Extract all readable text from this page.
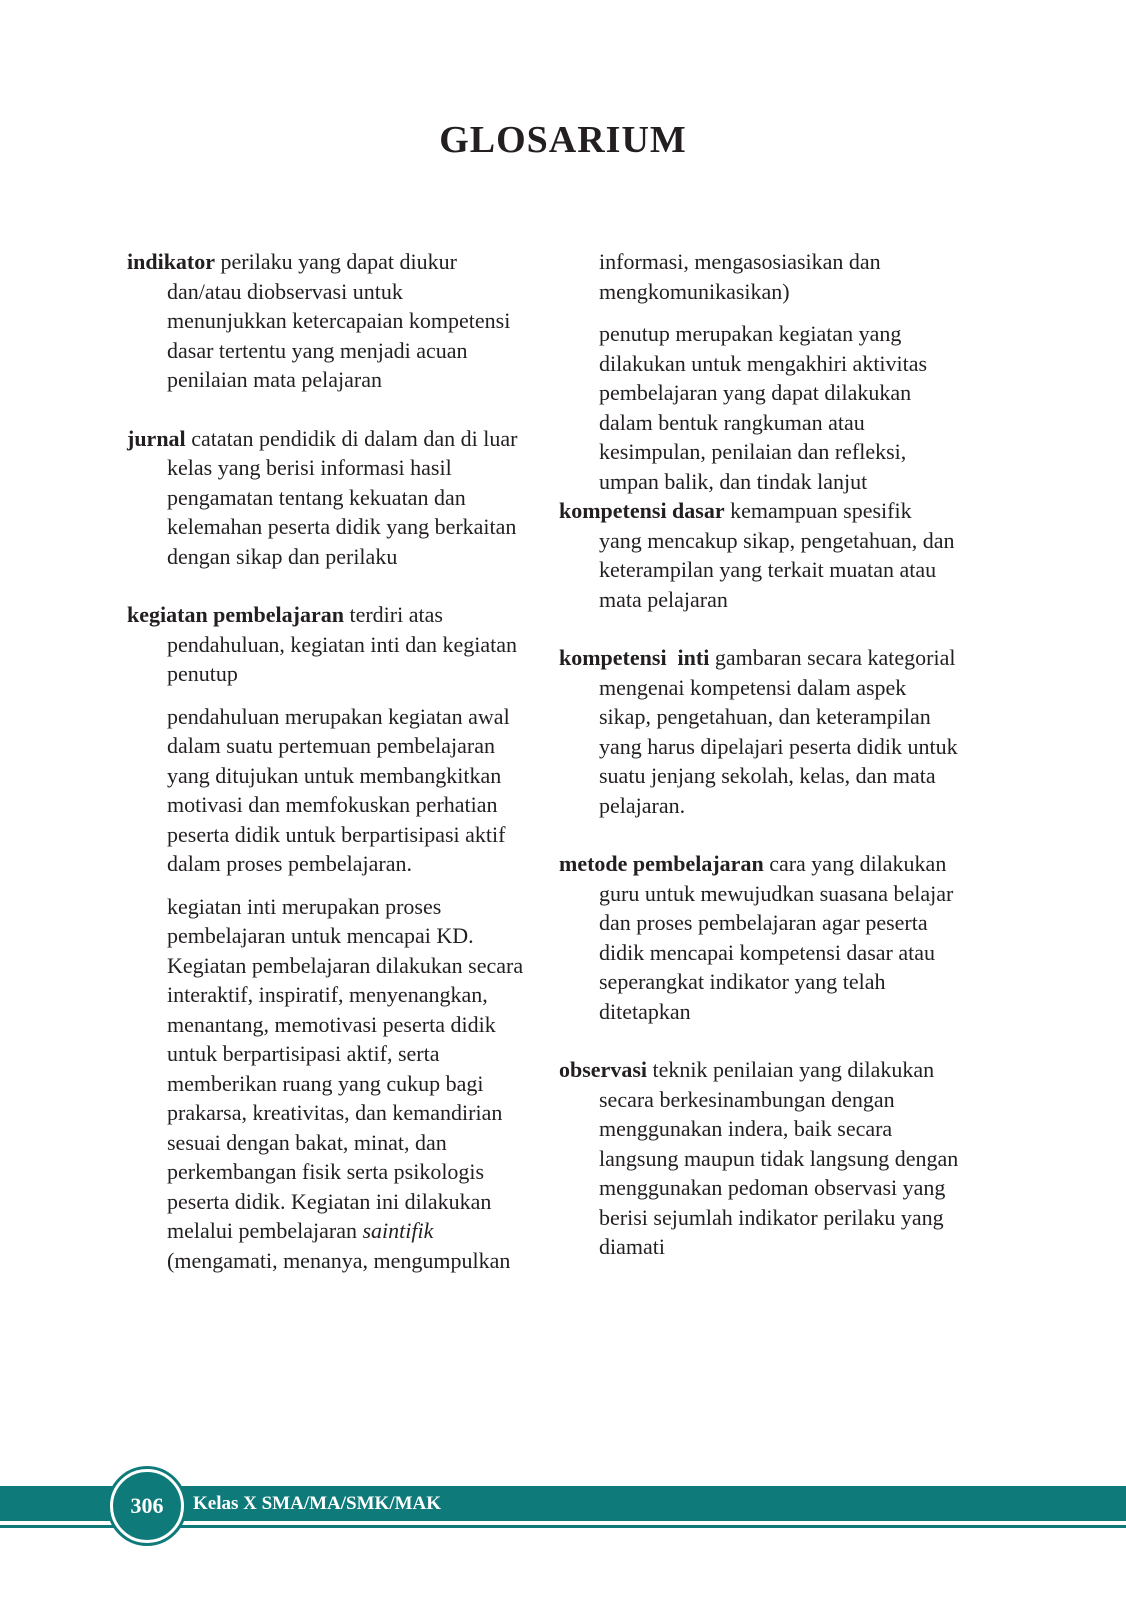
GLOSARIUM

indikator perilaku yang dapat diukur dan/atau diobservasi untuk menunjukkan ketercapaian kompetensi dasar tertentu yang menjadi acuan penilaian mata pelajaran

jurnal catatan pendidik di dalam dan di luar kelas yang berisi informasi hasil pengamatan tentang kekuatan dan kelemahan peserta didik yang berkaitan dengan sikap dan perilaku

kegiatan pembelajaran terdiri atas pendahuluan, kegiatan inti dan kegiatan penutup

pendahuluan merupakan kegiatan awal dalam suatu pertemuan pembelajaran yang ditujukan untuk membangkitkan motivasi dan memfokuskan perhatian peserta didik untuk berpartisipasi aktif dalam proses pembelajaran.

kegiatan inti merupakan proses pembelajaran untuk mencapai KD. Kegiatan pembelajaran dilakukan secara interaktif, inspiratif, menyenangkan, menantang, memotivasi peserta didik untuk berpartisipasi aktif, serta memberikan ruang yang cukup bagi prakarsa, kreativitas, dan kemandirian sesuai dengan bakat, minat, dan perkembangan fisik serta psikologis peserta didik. Kegiatan ini dilakukan melalui pembelajaran saintifik (mengamati, menanya, mengumpulkan

informasi, mengasosiasikan dan mengkomunikasikan)

penutup merupakan kegiatan yang dilakukan untuk mengakhiri aktivitas pembelajaran yang dapat dilakukan dalam bentuk rangkuman atau kesimpulan, penilaian dan refleksi, umpan balik, dan tindak lanjut

kompetensi dasar kemampuan spesifik yang mencakup sikap, pengetahuan, dan keterampilan yang terkait muatan atau mata pelajaran

kompetensi  inti gambaran secara kategorial mengenai kompetensi dalam aspek sikap, pengetahuan, dan keterampilan yang harus dipelajari peserta didik untuk suatu jenjang sekolah, kelas, dan mata pelajaran.

metode pembelajaran cara yang dilakukan guru untuk mewujudkan suasana belajar dan proses pembelajaran agar peserta didik mencapai kompetensi dasar atau seperangkat indikator yang telah ditetapkan

observasi teknik penilaian yang dilakukan secara berkesinambungan dengan menggunakan indera, baik secara langsung maupun tidak langsung dengan menggunakan pedoman observasi yang berisi sejumlah indikator perilaku yang diamati

306 Kelas X SMA/MA/SMK/MAK
